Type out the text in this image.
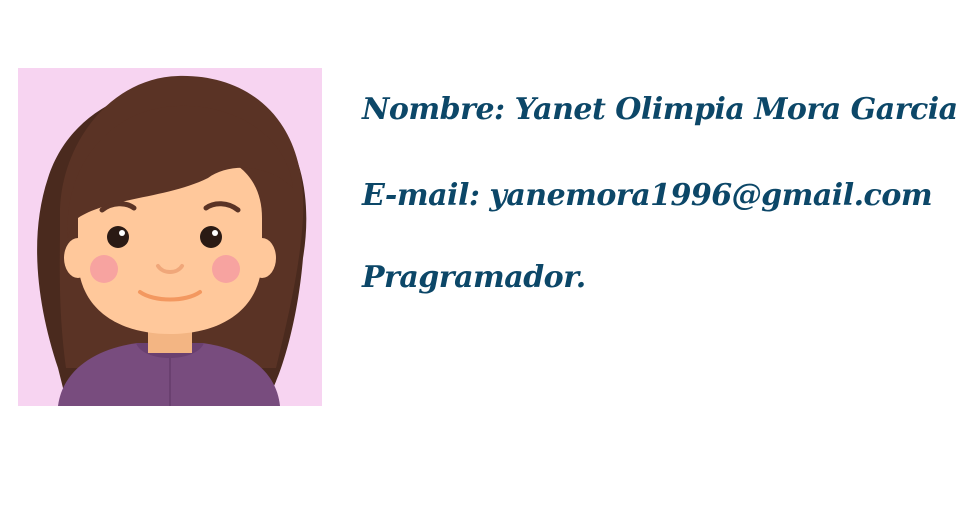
Nombre: Yanet Olimpia Mora Garcia
E-mail: yanemora1996@gmail.com
Pragramador.
